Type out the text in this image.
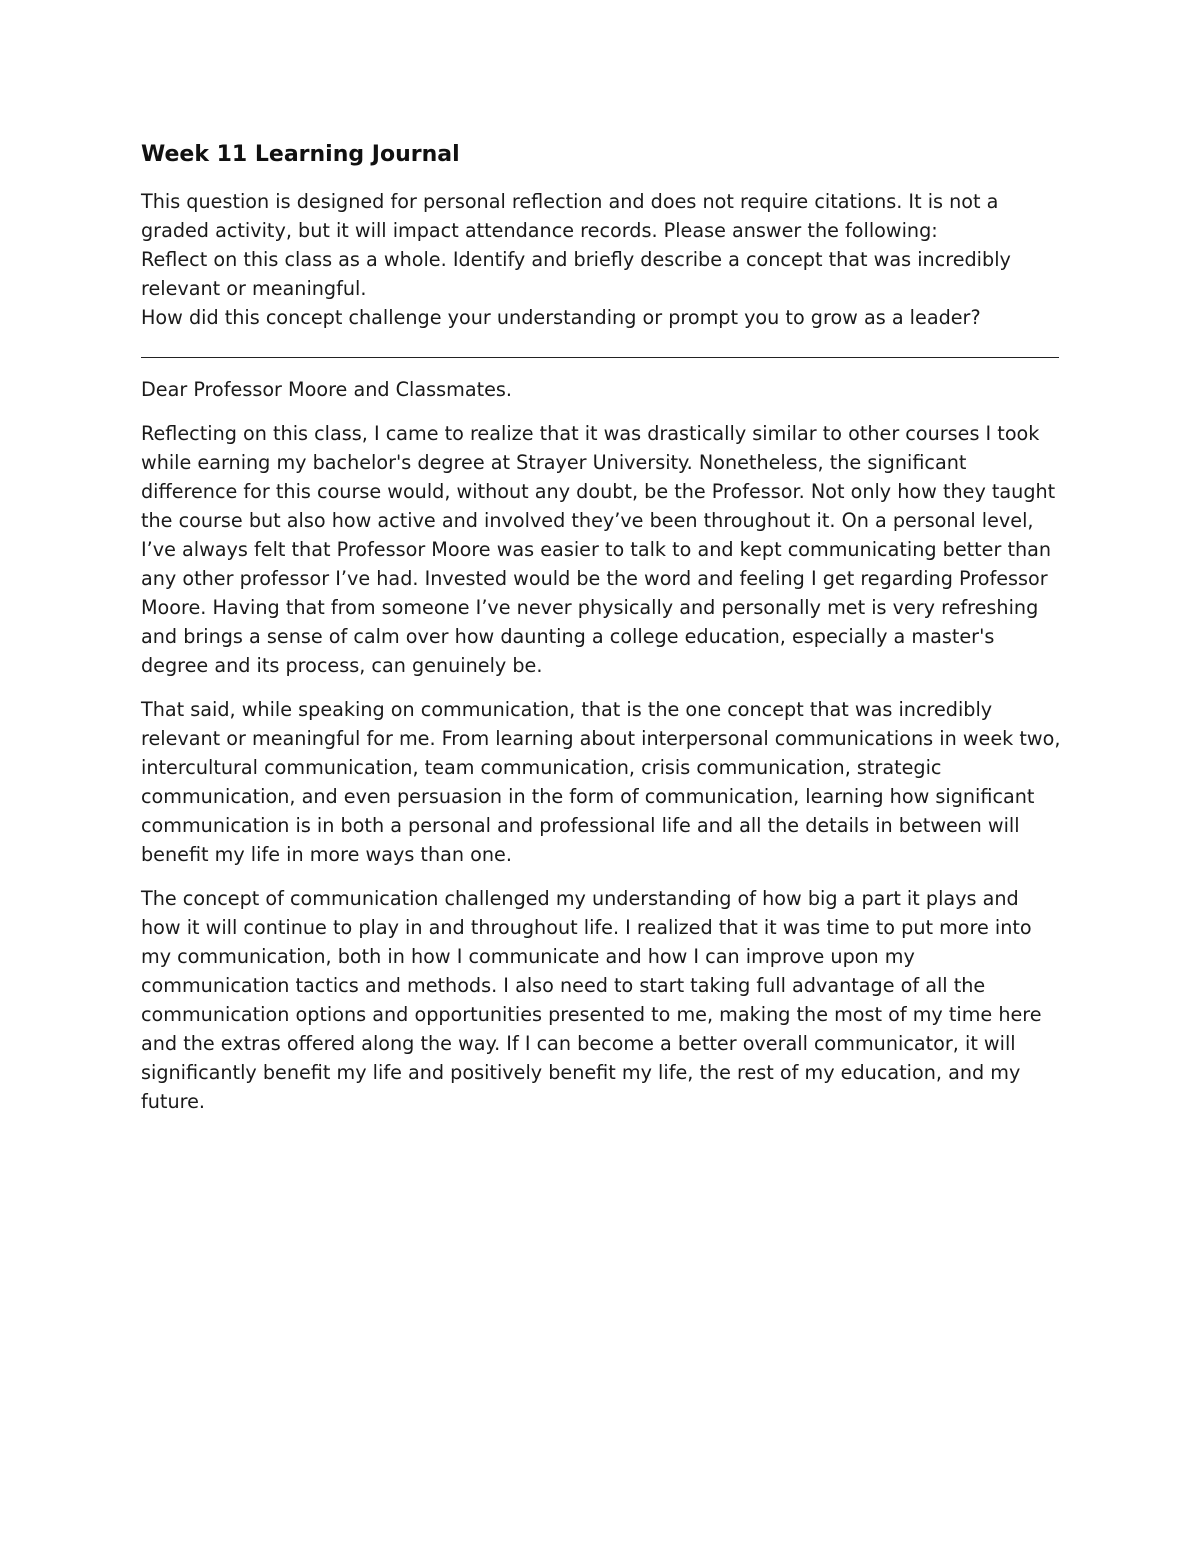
Week 11 Learning Journal
This question is designed for personal reflection and does not require citations. It is not a graded activity, but it will impact attendance records. Please answer the following:
Reflect on this class as a whole. Identify and briefly describe a concept that was incredibly relevant or meaningful.
How did this concept challenge your understanding or prompt you to grow as a leader?

Dear Professor Moore and Classmates.

Reflecting on this class, I came to realize that it was drastically similar to other courses I took while earning my bachelor's degree at Strayer University. Nonetheless, the significant difference for this course would, without any doubt, be the Professor. Not only how they taught the course but also how active and involved they’ve been throughout it. On a personal level, I’ve always felt that Professor Moore was easier to talk to and kept communicating better than any other professor I’ve had. Invested would be the word and feeling I get regarding Professor Moore. Having that from someone I’ve never physically and personally met is very refreshing and brings a sense of calm over how daunting a college education, especially a master's degree and its process, can genuinely be.

That said, while speaking on communication, that is the one concept that was incredibly relevant or meaningful for me. From learning about interpersonal communications in week two, intercultural communication, team communication, crisis communication, strategic communication, and even persuasion in the form of communication, learning how significant communication is in both a personal and professional life and all the details in between will benefit my life in more ways than one.

The concept of communication challenged my understanding of how big a part it plays and how it will continue to play in and throughout life. I realized that it was time to put more into my communication, both in how I communicate and how I can improve upon my communication tactics and methods. I also need to start taking full advantage of all the communication options and opportunities presented to me, making the most of my time here and the extras offered along the way. If I can become a better overall communicator, it will significantly benefit my life and positively benefit my life, the rest of my education, and my future.
